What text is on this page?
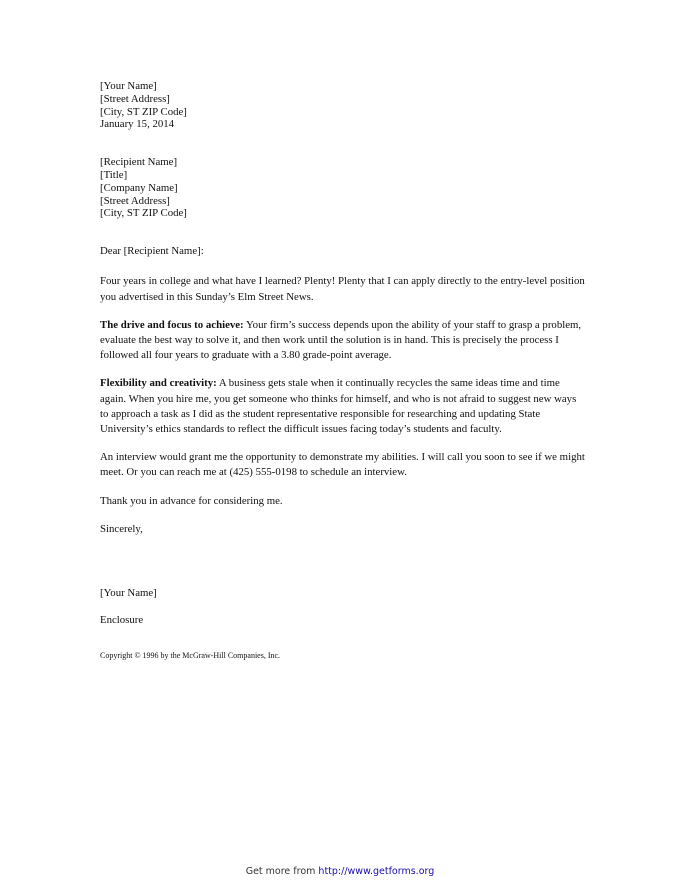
[Your Name]
[Street Address]
[City, ST ZIP Code]
January 15, 2014
[Recipient Name]
[Title]
[Company Name]
[Street Address]
[City, ST ZIP Code]

Dear [Recipient Name]:

Four years in college and what have I learned? Plenty! Plenty that I can apply directly to the entry-level position you advertised in this Sunday’s Elm Street News.

The drive and focus to achieve: Your firm’s success depends upon the ability of your staff to grasp a problem, evaluate the best way to solve it, and then work until the solution is in hand. This is precisely the process I followed all four years to graduate with a 3.80 grade-point average.

Flexibility and creativity: A business gets stale when it continually recycles the same ideas time and time again. When you hire me, you get someone who thinks for himself, and who is not afraid to suggest new ways to approach a task as I did as the student representative responsible for researching and updating State University’s ethics standards to reflect the difficult issues facing today’s students and faculty.

An interview would grant me the opportunity to demonstrate my abilities. I will call you soon to see if we might meet. Or you can reach me at (425) 555-0198 to schedule an interview.

Thank you in advance for considering me.

Sincerely,

[Your Name]

Enclosure

Copyright © 1996 by the McGraw-Hill Companies, Inc.

Get more from http://www.getforms.org
